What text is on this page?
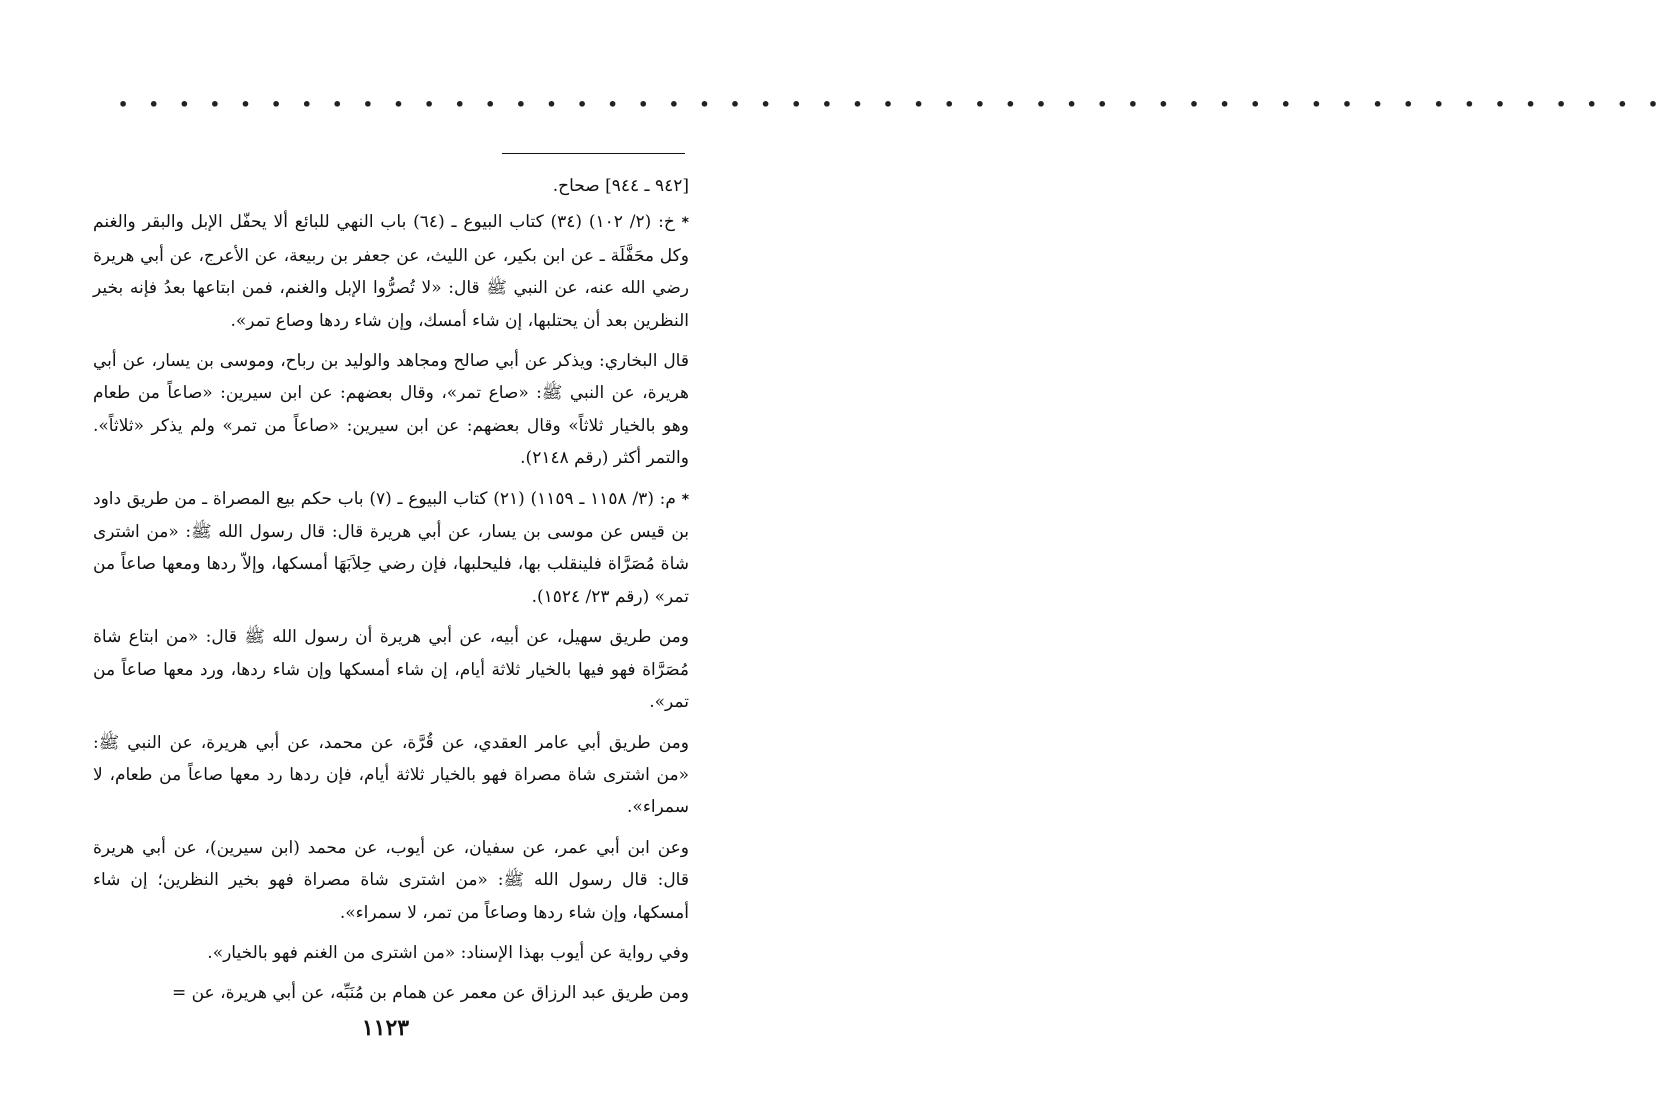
• • • • • • • • • • • • • • • • • • • • • • • • • • • • • • • • • • • • • • • • • • • • • • • • • • •

[٩٤٢ ـ ٩٤٤] صحاح.

* خ: (٢/ ١٠٢) (٣٤) كتاب البيوع ـ (٦٤) باب النهي للبائع ألا يحفّل الإبل والبقر والغنم وكل محَفَّلَة ـ عن ابن بكير، عن الليث، عن جعفر بن ربيعة، عن الأعرج، عن أبي هريرة رضي الله عنه، عن النبي ﷺ قال: «لا تُصرُّوا الإبل والغنم، فمن ابتاعها بعدُ فإنه بخير النظرين بعد أن يحتلبها، إن شاء أمسك، وإن شاء ردها وصاع تمر».

قال البخاري: ويذكر عن أبي صالح ومجاهد والوليد بن رباح، وموسى بن يسار، عن أبي هريرة، عن النبي ﷺ: «صاع تمر»، وقال بعضهم: عن ابن سيرين: «صاعاً من طعام وهو بالخيار ثلاثاً» وقال بعضهم: عن ابن سيرين: «صاعاً من تمر» ولم يذكر «ثلاثاً». والتمر أكثر (رقم ٢١٤٨).

* م: (٣/ ١١٥٨ ـ ١١٥٩) (٢١) كتاب البيوع ـ (٧) باب حكم بيع المصراة ـ من طريق داود بن قيس عن موسى بن يسار، عن أبي هريرة قال: قال رسول الله ﷺ: «من اشترى شاة مُصَرَّاة فلينقلب بها، فليحلبها، فإن رضي حِلاَبَهَا أمسكها، وإلاّ ردها ومعها صاعاً من تمر» (رقم ٢٣/ ١٥٢٤).

ومن طريق سهيل، عن أبيه، عن أبي هريرة أن رسول الله ﷺ قال: «من ابتاع شاة مُصَرَّاة فهو فيها بالخيار ثلاثة أيام، إن شاء أمسكها وإن شاء ردها، ورد معها صاعاً من تمر».

ومن طريق أبي عامر العقدي، عن قُرَّة، عن محمد، عن أبي هريرة، عن النبي ﷺ: «من اشترى شاة مصراة فهو بالخيار ثلاثة أيام، فإن ردها رد معها صاعاً من طعام، لا سمراء».

وعن ابن أبي عمر، عن سفيان، عن أيوب، عن محمد (ابن سيرين)، عن أبي هريرة قال: قال رسول الله ﷺ: «من اشترى شاة مصراة فهو بخير النظرين؛ إن شاء أمسكها، وإن شاء ردها وصاعاً من تمر، لا سمراء».

وفي رواية عن أيوب بهذا الإسناد: «من اشترى من الغنم فهو بالخيار».

ومن طريق عبد الرزاق عن معمر عن همام بن مُنَبِّه، عن أبي هريرة، عن =

١١٢٣
